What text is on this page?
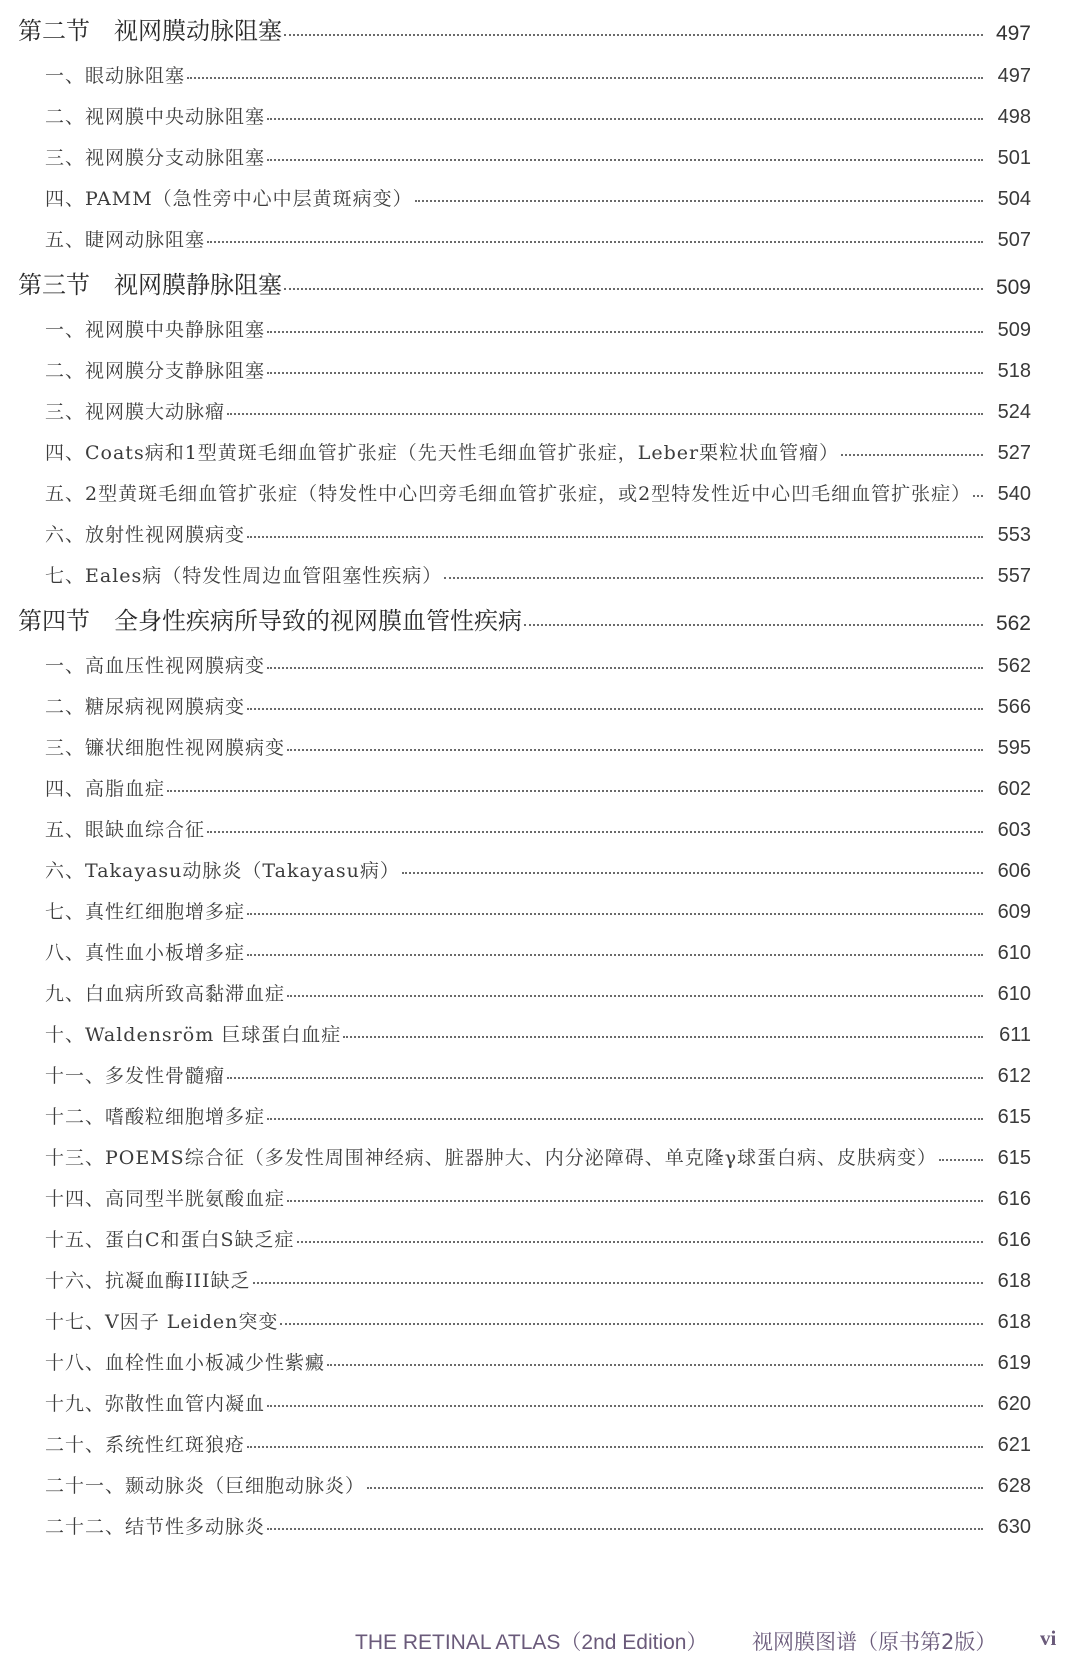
第二节　视网膜动脉阻塞	497
一、眼动脉阻塞	497
二、视网膜中央动脉阻塞	498
三、视网膜分支动脉阻塞	501
四、PAMM（急性旁中心中层黄斑病变）	504
五、睫网动脉阻塞	507
第三节　视网膜静脉阻塞	509
一、视网膜中央静脉阻塞	509
二、视网膜分支静脉阻塞	518
三、视网膜大动脉瘤	524
四、Coats病和1型黄斑毛细血管扩张症（先天性毛细血管扩张症，Leber栗粒状血管瘤）	527
五、2型黄斑毛细血管扩张症（特发性中心凹旁毛细血管扩张症，或2型特发性近中心凹毛细血管扩张症）	540
六、放射性视网膜病变	553
七、Eales病（特发性周边血管阻塞性疾病）	557
第四节　全身性疾病所导致的视网膜血管性疾病	562
一、高血压性视网膜病变	562
二、糖尿病视网膜病变	566
三、镰状细胞性视网膜病变	595
四、高脂血症	602
五、眼缺血综合征	603
六、Takayasu动脉炎（Takayasu病）	606
七、真性红细胞增多症	609
八、真性血小板增多症	610
九、白血病所致高黏滞血症	610
十、Waldensröm 巨球蛋白血症	611
十一、多发性骨髓瘤	612
十二、嗜酸粒细胞增多症	615
十三、POEMS综合征（多发性周围神经病、脏器肿大、内分泌障碍、单克隆γ球蛋白病、皮肤病变）	615
十四、高同型半胱氨酸血症	616
十五、蛋白C和蛋白S缺乏症	616
十六、抗凝血酶III缺乏	618
十七、V因子 Leiden突变	618
十八、血栓性血小板减少性紫癜	619
十九、弥散性血管内凝血	620
二十、系统性红斑狼疮	621
二十一、颞动脉炎（巨细胞动脉炎）	628
二十二、结节性多动脉炎	630
THE RETINAL ATLAS（2nd Edition） 视网膜图谱（原书第2版） vi
